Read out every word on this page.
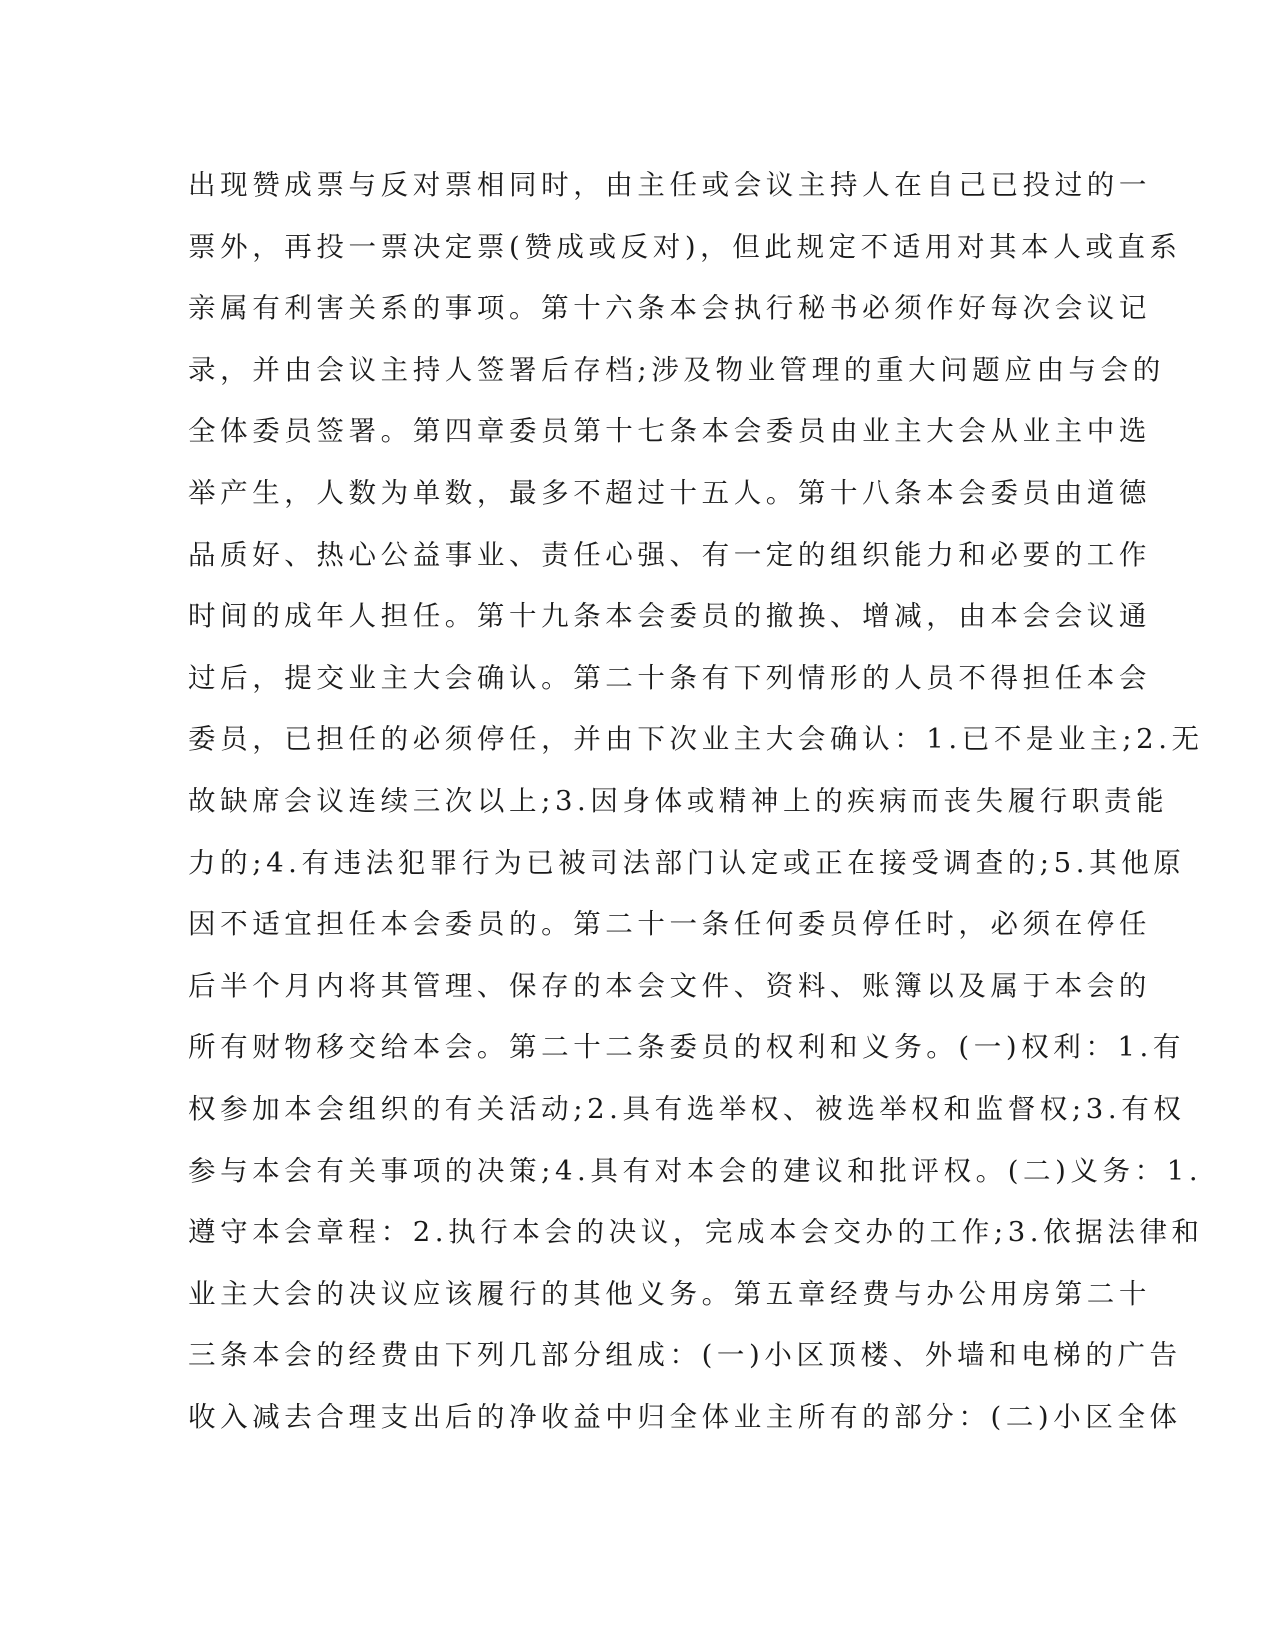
出现赞成票与反对票相同时，由主任或会议主持人在自己已投过的一
票外，再投一票决定票(赞成或反对)，但此规定不适用对其本人或直系
亲属有利害关系的事项。第十六条本会执行秘书必须作好每次会议记
录，并由会议主持人签署后存档;涉及物业管理的重大问题应由与会的
全体委员签署。第四章委员第十七条本会委员由业主大会从业主中选
举产生，人数为单数，最多不超过十五人。第十八条本会委员由道德
品质好、热心公益事业、责任心强、有一定的组织能力和必要的工作
时间的成年人担任。第十九条本会委员的撤换、增减，由本会会议通
过后，提交业主大会确认。第二十条有下列情形的人员不得担任本会
委员，已担任的必须停任，并由下次业主大会确认：1.已不是业主;2.无
故缺席会议连续三次以上;3.因身体或精神上的疾病而丧失履行职责能
力的;4.有违法犯罪行为已被司法部门认定或正在接受调查的;5.其他原
因不适宜担任本会委员的。第二十一条任何委员停任时，必须在停任
后半个月内将其管理、保存的本会文件、资料、账簿以及属于本会的
所有财物移交给本会。第二十二条委员的权利和义务。(一)权利：1.有
权参加本会组织的有关活动;2.具有选举权、被选举权和监督权;3.有权
参与本会有关事项的决策;4.具有对本会的建议和批评权。(二)义务：1.
遵守本会章程：2.执行本会的决议，完成本会交办的工作;3.依据法律和
业主大会的决议应该履行的其他义务。第五章经费与办公用房第二十
三条本会的经费由下列几部分组成：(一)小区顶楼、外墙和电梯的广告
收入减去合理支出后的净收益中归全体业主所有的部分：(二)小区全体
